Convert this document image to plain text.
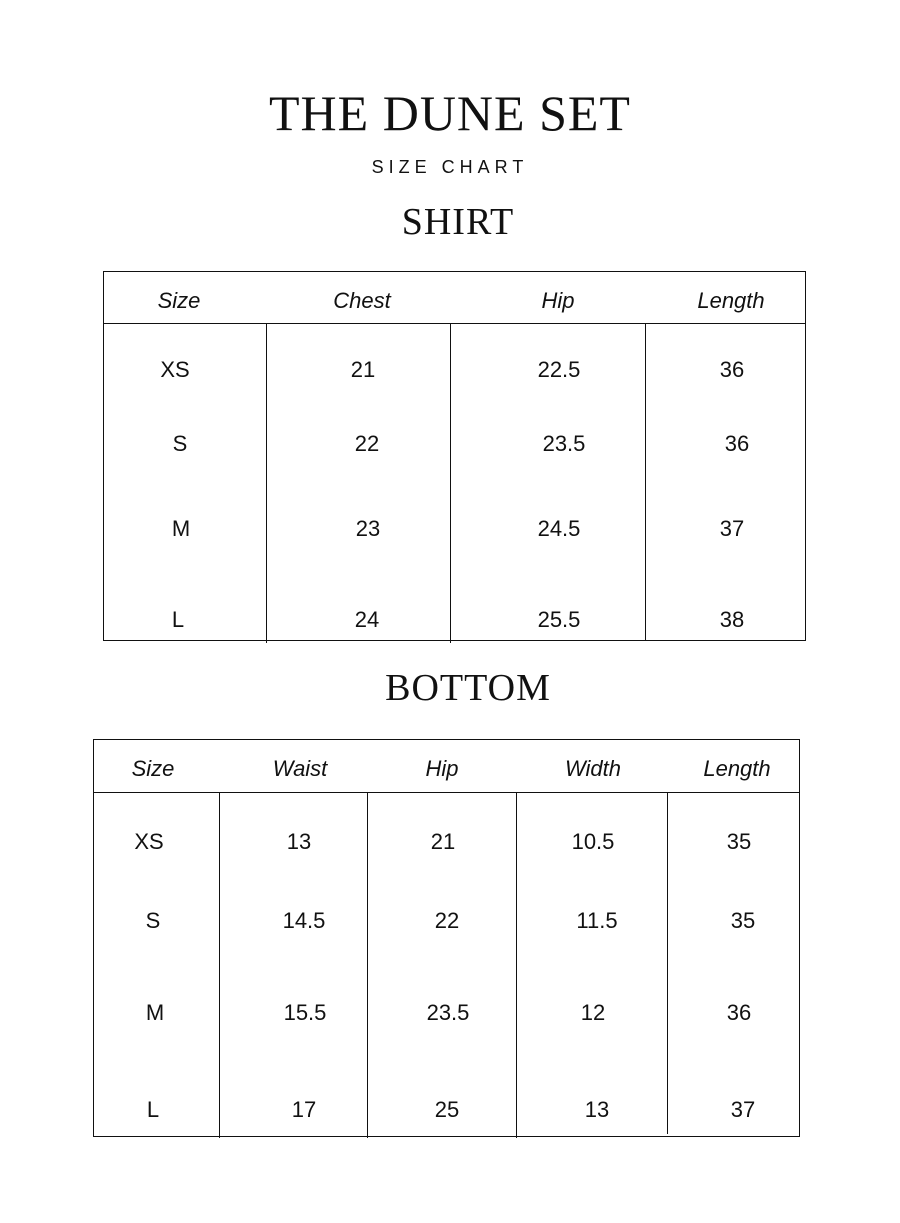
THE DUNE SET
SIZE CHART
SHIRT
Size	Chest	Hip	Length
XS	21	22.5	36
S	22	23.5	36
M	23	24.5	37
L	24	25.5	38
BOTTOM
Size	Waist	Hip	Width	Length
XS	13	21	10.5	35
S	14.5	22	11.5	35
M	15.5	23.5	12	36
L	17	25	13	37
